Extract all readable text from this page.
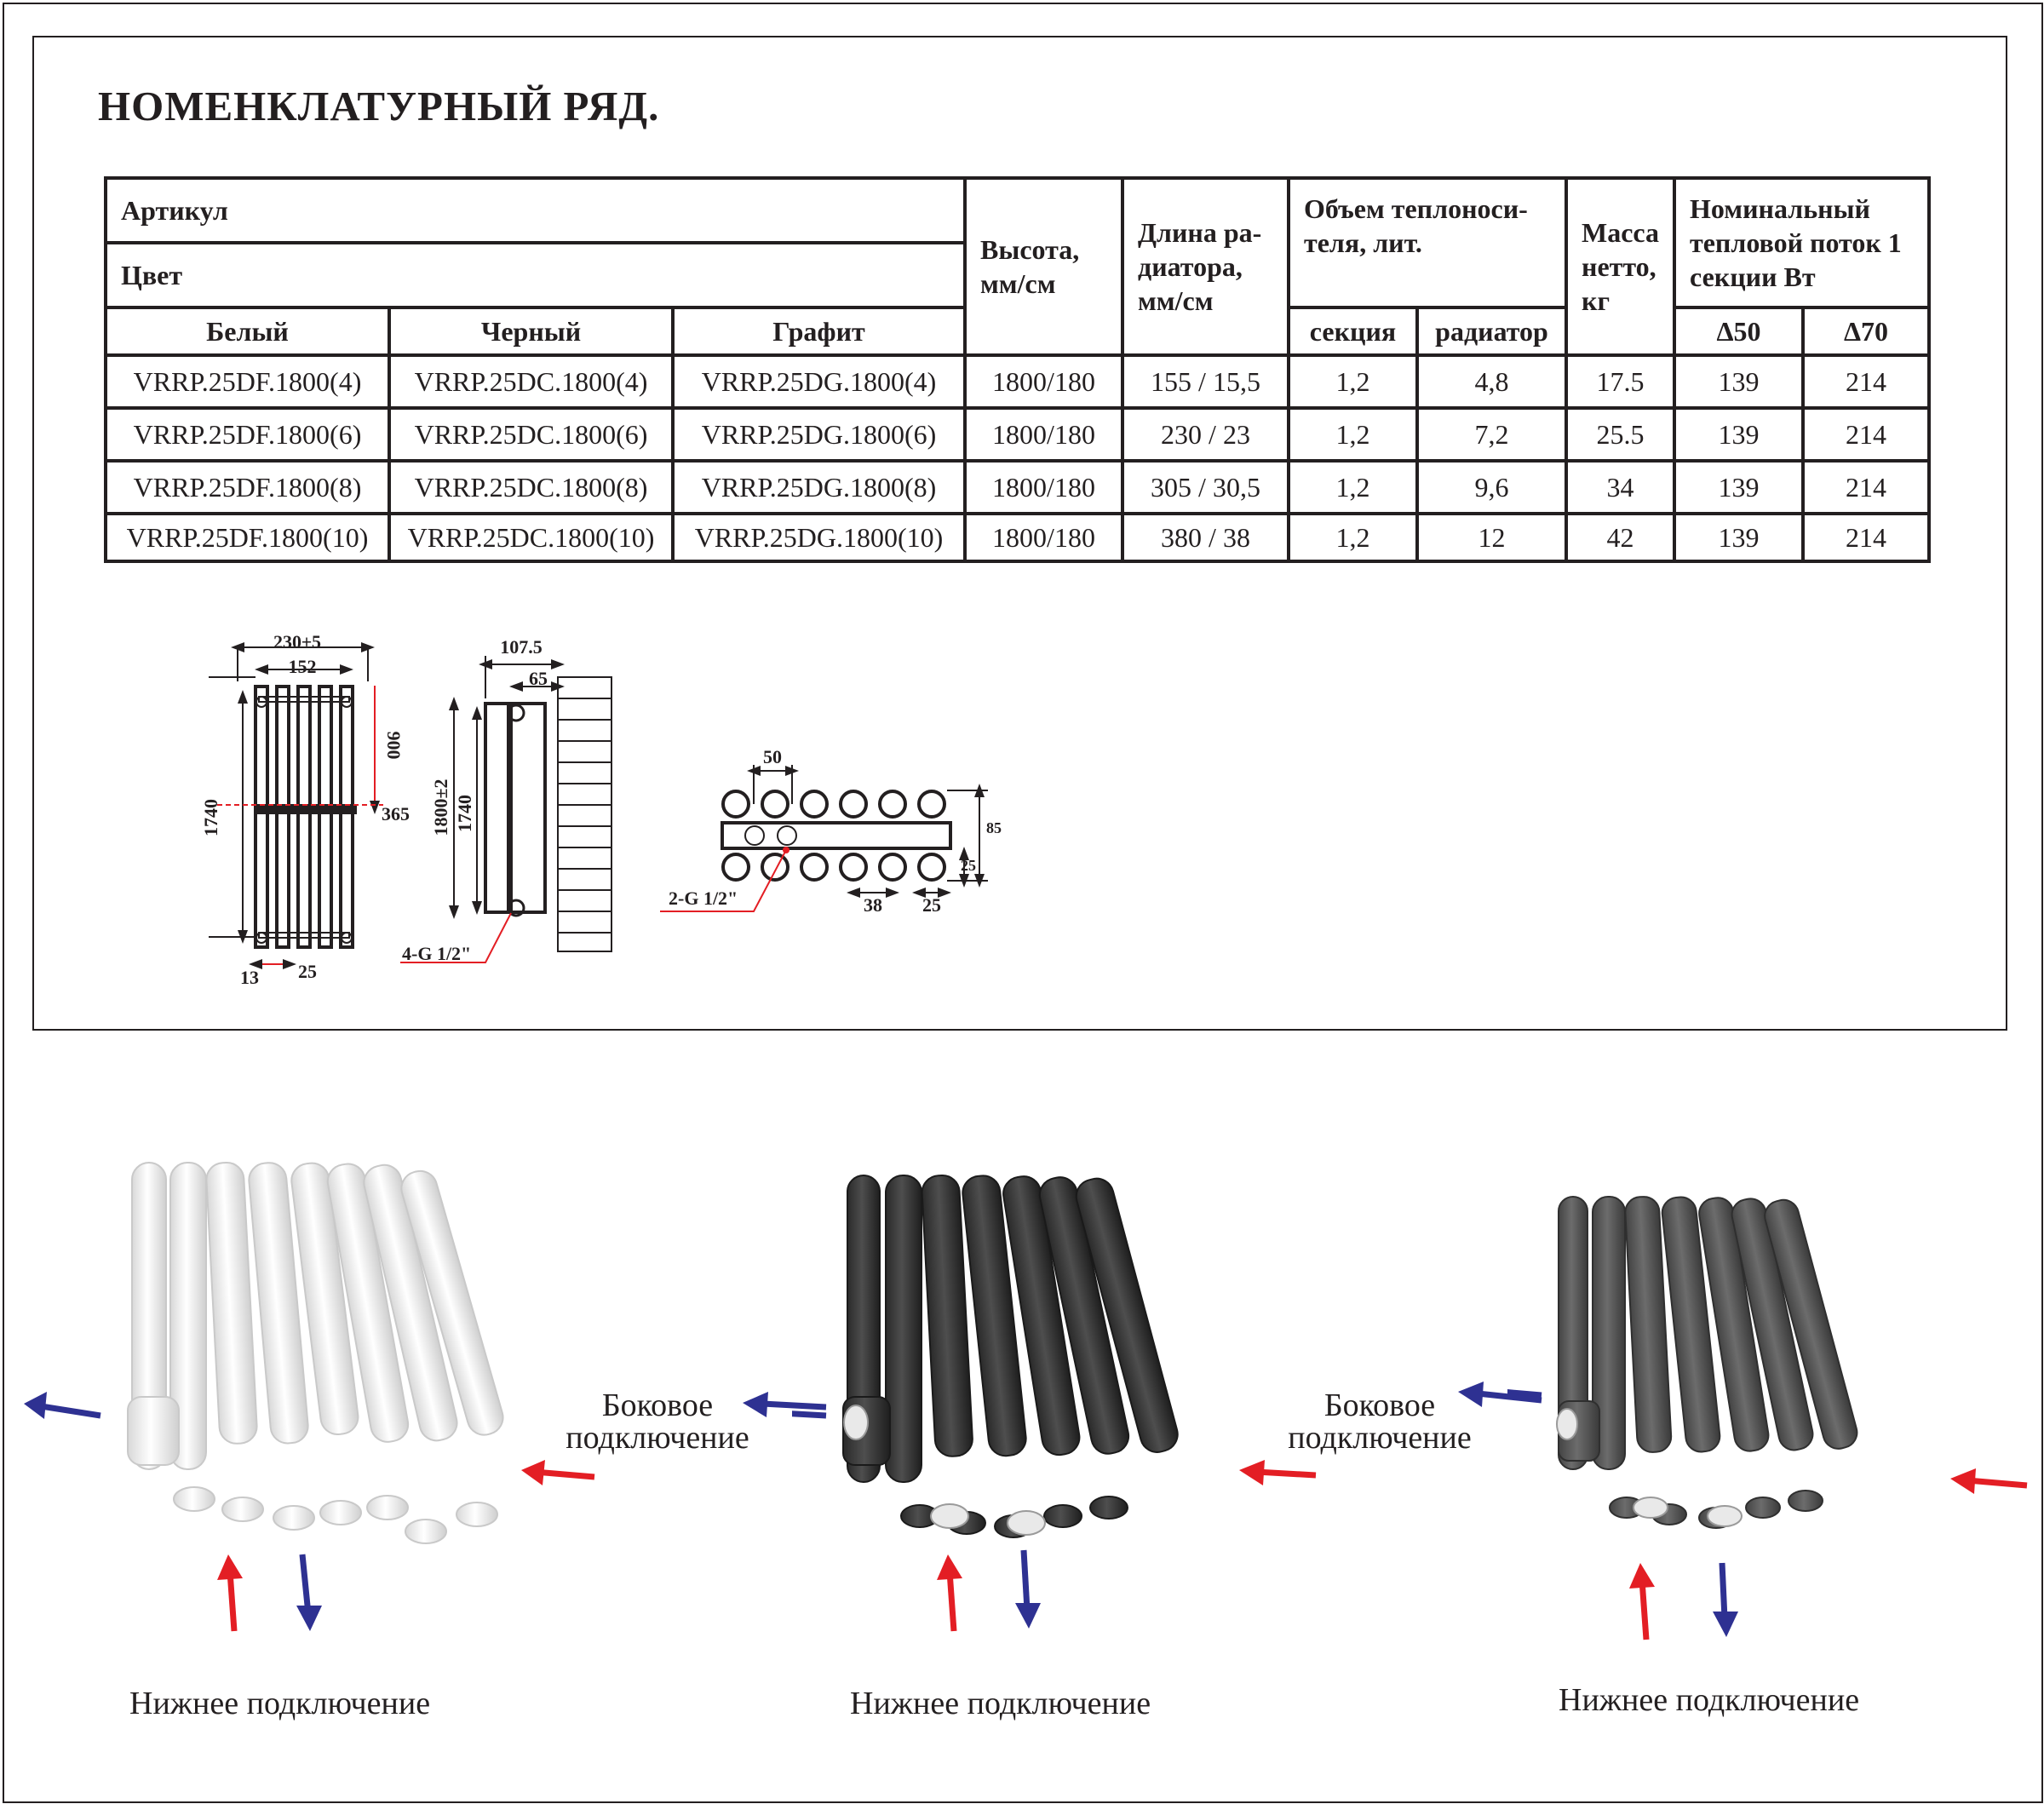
НОМЕНКЛАТУРНЫЙ РЯД.
Артикул			Высота, мм/см	Длина ра-диатора, мм/см	Объем теплоноси-теля, лит.		Масса нетто, кг	Номинальный тепловой поток 1 секции Вт	
Цвет									
Белый	Черный	Графит			секция	радиатор		Δ50	Δ70
VRRP.25DF.1800(4)	VRRP.25DC.1800(4)	VRRP.25DG.1800(4)	1800/180	155 / 15,5	1,2	4,8	17.5	139	214
VRRP.25DF.1800(6)	VRRP.25DC.1800(6)	VRRP.25DG.1800(6)	1800/180	230 / 23	1,2	7,2	25.5	139	214
VRRP.25DF.1800(8)	VRRP.25DC.1800(8)	VRRP.25DG.1800(8)	1800/180	305 / 30,5	1,2	9,6	34	139	214
VRRP.25DF.1800(10)	VRRP.25DC.1800(10)	VRRP.25DG.1800(10)	1800/180	380 / 38	1,2	12	42	139	214
230±5
152
1740
900
365
13 25
107.5
65
1800±2 1740
4-G 1/2"
50
85
25
38 25
2-G 1/2"
Боковое
подключение
Боковое
подключение
Нижнее подключение	Нижнее подключение	Нижнее подключение
